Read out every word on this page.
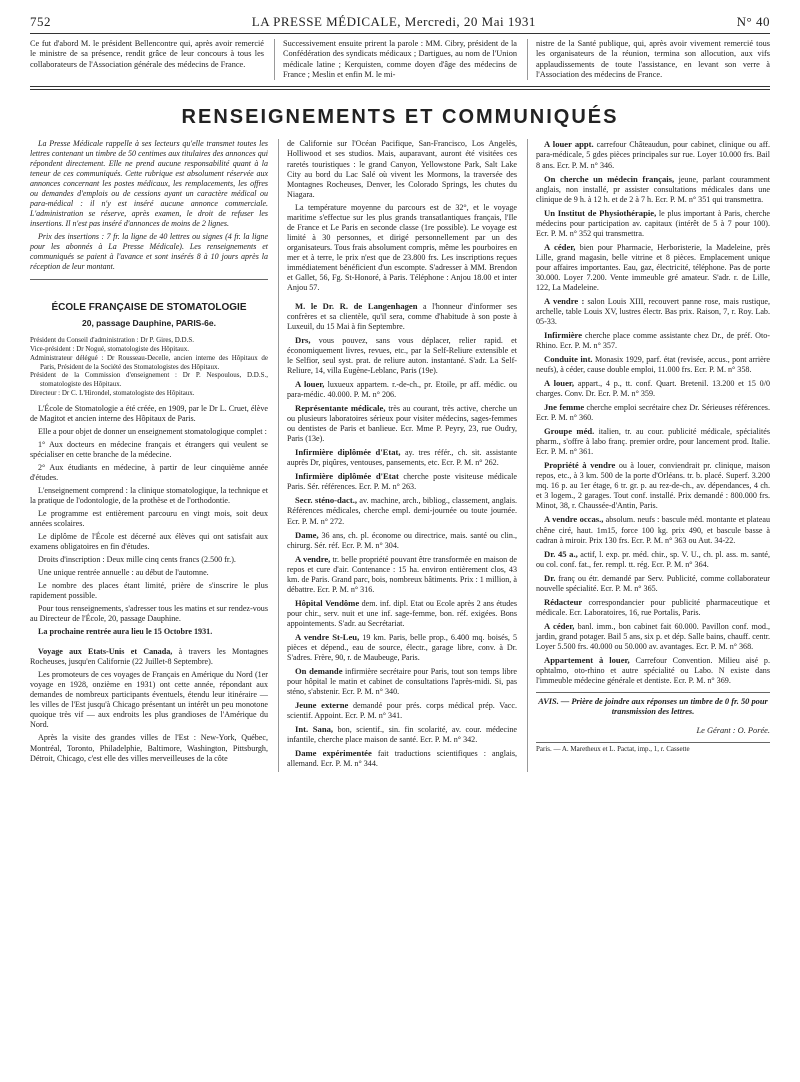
752	LA PRESSE MÉDICALE, Mercredi, 20 Mai 1931	N° 40
Ce fut d'abord M. le président Bellencontre qui, après avoir remercié le ministre de sa présence, rendit grâce de leur concours à tous les collaborateurs de l'Association générale des médecins de France.
Successivement ensuite prirent la parole : MM. Cibry, président de la Confédération des syndicats médicaux ; Dartigues, au nom de l'Union médicale latine ; Kerquisten, comme doyen d'âge des médecins de France ; Meslin et enfin M. le mi-
nistre de la Santé publique, qui, après avoir vivement remercié tous les organisateurs de la réunion, termina son allocution, aux vifs applaudissements de toute l'assistance, en levant son verre à l'Association des médecins de France.
RENSEIGNEMENTS ET COMMUNIQUÉS

La Presse Médicale rappelle à ses lecteurs qu'elle transmet toutes les lettres contenant un timbre de 50 centimes aux titulaires des annonces qui répondent directement. Elle ne prend aucune responsabilité quant à la teneur de ces communiqués. Cette rubrique est absolument réservée aux annonces concernant les postes médicaux, les remplacements, les offres ou demandes d'emplois ou de cessions ayant un caractère médical ou para-médical : il n'y est inséré aucune annonce commerciale. L'administration se réserve, après examen, le droit de refuser les insertions. Il n'est pas inséré d'annonces de moins de 2 lignes.

Prix des insertions : 7 fr. la ligne de 40 lettres ou signes (4 fr. la ligne pour les abonnés à La Presse Médicale). Les renseignements et communiqués se paient à l'avance et sont insérés 8 à 10 jours après la réception de leur montant.

ÉCOLE FRANÇAISE DE STOMATOLOGIE
20, passage Dauphine, PARIS-6e.
Président du Conseil d'administration : Dr P. Gires, D.D.S.
Vice-président : Dr Nogué, stomatologiste des Hôpitaux.
Administrateur délégué : Dr Rousseau-Decelle, ancien interne des Hôpitaux de Paris, Président de la Société des Stomatologistes des Hôpitaux.
Président de la Commission d'enseignement : Dr P. Nespoulous, D.D.S., stomatologiste des Hôpitaux.
Directeur : Dr C. L'Hirondel, stomatologiste des Hôpitaux.

L'École de Stomatologie a été créée, en 1909, par le Dr L. Cruet, élève de Magitot et ancien interne des Hôpitaux de Paris.

Elle a pour objet de donner un enseignement stomatologique complet :

1° Aux docteurs en médecine français et étrangers qui veulent se spécialiser en cette branche de la médecine.

2° Aux étudiants en médecine, à partir de leur cinquième année d'études.

L'enseignement comprend : la clinique stomatologique, la technique et la pratique de l'odontologie, de la prothèse et de l'orthodontie.

Le programme est entièrement parcouru en vingt mois, soit deux années scolaires.

Le diplôme de l'École est décerné aux élèves qui ont satisfait aux examens obligatoires en fin d'études.

Droits d'inscription : Deux mille cinq cents francs (2.500 fr.).

Une unique rentrée annuelle : au début de l'automne.

Le nombre des places étant limité, prière de s'inscrire le plus rapidement possible.

Pour tous renseignements, s'adresser tous les matins et sur rendez-vous au Directeur de l'École, 20, passage Dauphine.

La prochaine rentrée aura lieu le 15 Octobre 1931.

Voyage aux Etats-Unis et Canada, à travers les Montagnes Rocheuses, jusqu'en Californie (22 Juillet-8 Septembre).

Les promoteurs de ces voyages de Français en Amérique du Nord (1er voyage en 1928, onzième en 1931) ont cette année, répondant aux demandes de nombreux participants éventuels, étendu leur itinéraire — les villes de l'Est jusqu'à Chicago présentant un intérêt un peu monotone quoique très vif — aux endroits les plus grandioses de l'Amérique du Nord.

Après la visite des grandes villes de l'Est : New-York, Québec, Montréal, Toronto, Philadelphie, Baltimore, Washington, Pittsburgh, Détroit, Chicago, c'est elle des villes merveilleuses de la côte

de Californie sur l'Océan Pacifique, San-Francisco, Los Angelès, Holliwood et ses studios. Mais, auparavant, auront été visitées ces raretés touristiques : le grand Canyon, Yellowstone Park, Salt Lake City au bord du Lac Salé où vivent les Mormons, la traversée des Montagnes Rocheuses, Denver, les Colorado Springs, les chutes du Niagara.

La température moyenne du parcours est de 32°, et le voyage maritime s'effectue sur les plus grands transatlantiques français, l'Ile de France et Le Paris en seconde classe (1re possible). Le voyage est limité à 30 personnes, et dirigé personnellement par un des organisateurs. Tous frais absolument compris, même les pourboires en mer et à terre, le prix n'est que de 23.800 frs. Les inscriptions reçues immédiatement bénéficient d'un escompte. S'adresser à MM. Brendon et Gallet, 56, Fg. St-Honoré, à Paris. Téléphone : Anjou 18.00 et inter Anjou 57.

M. le Dr. R. de Langenhagen a l'honneur d'informer ses confrères et sa clientèle, qu'il sera, comme d'habitude à son poste à Luxeuil, du 15 Mai à fin Septembre.

Drs, vous pouvez, sans vous déplacer, relier rapid. et économiquement livres, revues, etc., par la Self-Reliure extensible et le Selfior, seul syst. prat. de reliure auton. instantané. S'adr. La Self-Reliure, 14, villa Eugène-Leblanc, Paris (19e).

A louer, luxueux appartem. r.-de-ch., pr. Etoile, pr aff. médic. ou para-médic. 40.000. P. M. n° 206.

Représentante médicale, très au courant, très active, cherche un ou plusieurs laboratoires sérieux pour visiter médecins, sages-femmes ou dentistes de Paris et banlieue. Ecr. Mme P. Peyry, 23, rue Oudry, Paris (13e).

Infirmière diplômée d'Etat, ay. tres référ., ch. sit. assistante auprès Dr, piqûres, ventouses, pansements, etc. Ecr. P. M. n° 262.

Infirmière diplômée d'Etat cherche poste visiteuse médicale Paris. Sér. références. Ecr. P. M. n° 263.

Secr. sténo-dact., av. machine, arch., bibliog., classement, anglais. Références médicales, cherche empl. demi-journée ou toute journée. Ecr. P. M. n° 272.

Dame, 36 ans, ch. pl. économe ou directrice, mais. santé ou clin., chirurg. Sér. réf. Ecr. P. M. n° 304.

A vendre, tr. belle propriété pouvant être transformée en maison de repos et cure d'air. Contenance : 15 ha. environ entièrement clos, 43 km. de Paris. Grand parc, bois, nombreux bâtiments. Prix : 1 million, à débattre. Ecr. P. M. n° 316.

Hôpital Vendôme dem. inf. dipl. Etat ou Ecole après 2 ans études pour chir., serv. nuit et une inf. sage-femme, bon. réf. exigées. Bons appointements. S'adr. au Secrétariat.

A vendre St-Leu, 19 km. Paris, belle prop., 6.400 mq. boisés, 5 pièces et dépend., eau de source, électr., garage libre, conv. à Dr. S'adres. Frère, 90, r. de Maubeuge, Paris.

On demande infirmière secrétaire pour Paris, tout son temps libre pour hôpital le matin et cabinet de consultations l'après-midi. Si, pas sténo, s'abstenir. Ecr. P. M. n° 340.

Jeune externe demandé pour prés. corps médical prép. Vacc. scientif. Appoint. Ecr. P. M. n° 341.

Int. Sana, bon, scientif., sin. fin scolarité, av. cour. médecine infantile, cherche place maison de santé. Ecr. P. M. n° 342.

Dame expérimentée fait traductions scientifiques : anglais, allemand. Ecr. P. M. n° 344.

A louer appt. carrefour Châteaudun, pour cabinet, clinique ou aff. para-médicale, 5 gdes pièces principales sur rue. Loyer 10.000 frs. Bail 8 ans. Ecr. P. M. n° 346.

On cherche un médecin français, jeune, parlant couramment anglais, non installé, pr assister consultations médicales dans une clinique de 9 h. à 12 h. et de 2 à 7 h. Ecr. P. M. n° 351 qui transmettra.

Un Institut de Physiothérapie, le plus important à Paris, cherche médecins pour participation av. capitaux (intérêt de 5 à 7 pour 100). Ecr. P. M. n° 352 qui transmettra.

A céder, bien pour Pharmacie, Herboristerie, la Madeleine, près Lille, grand magasin, belle vitrine et 8 pièces. Emplacement unique pour affaires importantes. Eau, gaz, électricité, téléphone. Pas de porte 30.000. Loyer 7.200. Vente immeuble gré amateur. S'adr. r. de Lille, 122, La Madeleine.

A vendre : salon Louis XIII, recouvert panne rose, mais rustique, archelle, table Louis XV, lustres électr. Bas prix. Raison, 7, r. Roy. Lab. 05-33.

Infirmière cherche place comme assistante chez Dr., de préf. Oto-Rhino. Ecr. P. M. n° 357.

Conduite int. Monasix 1929, parf. état (revisée, accus., pont arrière neufs), à céder, cause double emploi, 11.000 frs. Ecr. P. M. n° 358.

A louer, appart., 4 p., tt. conf. Quart. Bretenil. 13.200 et 15 0/0 charges. Conv. Dr. Ecr. P. M. n° 359.

Jne femme cherche emploi secrétaire chez Dr. Sérieuses références. Ecr. P. M. n° 360.

Groupe méd. italien, tr. au cour. publicité médicale, spécialités pharm., s'offre à labo franç. premier ordre, pour lancement prod. Italie. Ecr. P. M. n° 361.

Propriété à vendre ou à louer, conviendrait pr. clinique, maison repos, etc., à 3 km. 500 de la porte d'Orléans. tr. b. placé. Superf. 3.200 mq. 16 p. au 1er étage, 6 tr. gr. p. au rez-de-ch., av. dépendances, 4 ch. et 3 logem., 2 garages. Tout conf. installé. Prix demandé : 800.000 frs. Minot, 38, r. Chaussée-d'Antin, Paris.

A vendre occas., absolum. neufs : bascule méd. montante et plateau chêne ciré, haut. 1m15, force 100 kg. prix 490, et bascule basse à cadran à miroir. Prix 130 frs. Ecr. P. M. n° 363 ou Aut. 34-22.

Dr. 45 a., actif, l. exp. pr. méd. chir., sp. V. U., ch. pl. ass. m. santé, ou col. conf. fat., fer. rempl. tt. rég. Ecr. P. M. n° 364.

Dr. franç ou étr. demandé par Serv. Publicité, comme collaborateur nouvelle spécialité. Ecr. P. M. n° 365.

Rédacteur correspondancier pour publicité pharmaceutique et médicale. Ecr. Laboratoires, 16, rue Portalis, Paris.

A céder, banl. imm., bon cabinet fait 60.000. Pavillon conf. mod., jardin, grand potager. Bail 5 ans, six p. et dép. Salle bains, chauff. centr. Loyer 5.500 frs. 40.000 ou 50.000 av. avantages. Ecr. P. M. n° 368.

Appartement à louer, Carrefour Convention. Milieu aisé p. ophtalmo, oto-rhino et autre spécialité ou Labo. N existe dans l'immeuble médecine générale et dentiste. Ecr. P. M. n° 369.

AVIS. — Prière de joindre aux réponses un timbre de 0 fr. 50 pour transmission des lettres.
Le Gérant : O. Porée.
Paris. — A. Maretheux et L. Pactat, imp., 1, r. Cassette
